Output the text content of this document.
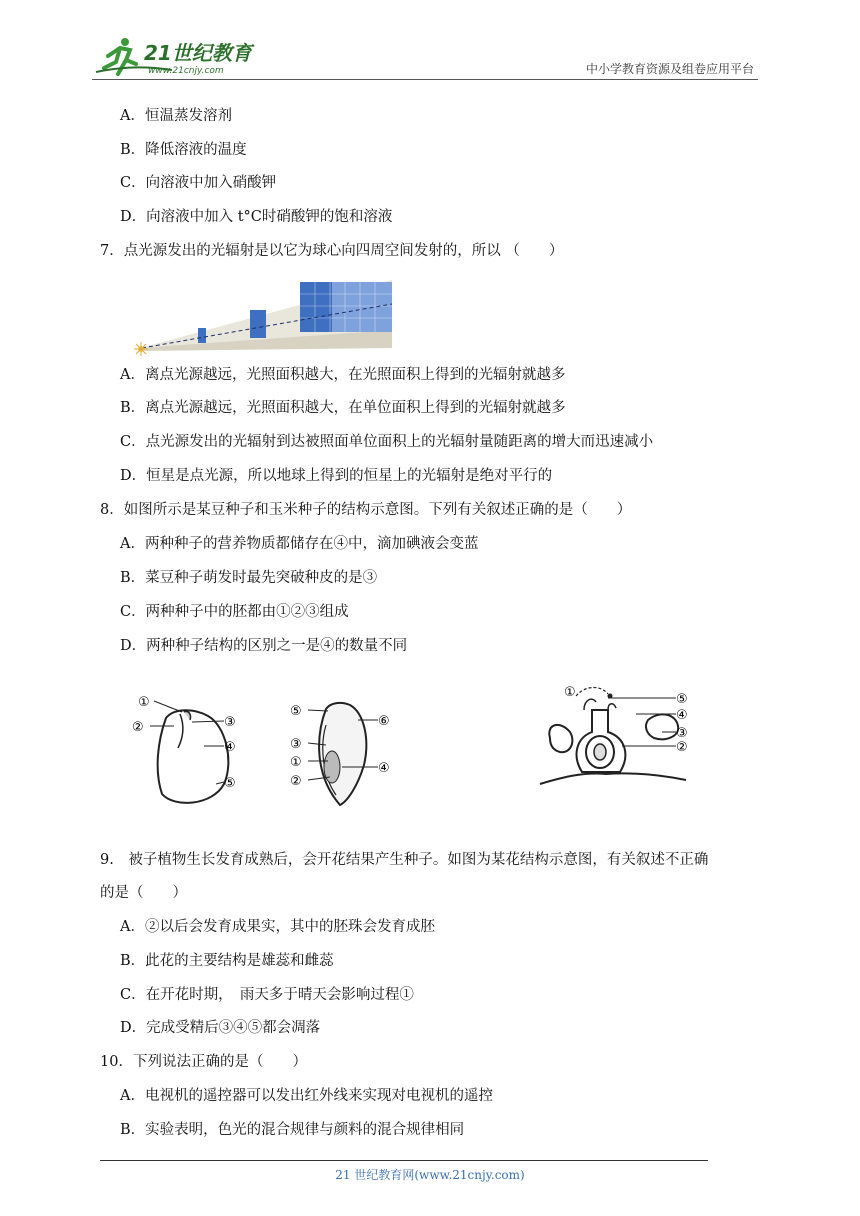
21世纪教育
www.21cnjy.com	中小学教育资源及组卷应用平台
A．恒温蒸发溶剂
B．降低溶液的温度
C．向溶液中加入硝酸钾
D．向溶液中加入 t°C时硝酸钾的饱和溶液
7．点光源发出的光辐射是以它为球心向四周空间发射的，所以 （　　）
A．离点光源越远，光照面积越大，在光照面积上得到的光辐射就越多
B．离点光源越远，光照面积越大，在单位面积上得到的光辐射就越多
C．点光源发出的光辐射到达被照面单位面积上的光辐射量随距离的增大而迅速减小
D．恒星是点光源，所以地球上得到的恒星上的光辐射是绝对平行的
8．如图所示是某豆种子和玉米种子的结构示意图。下列有关叙述正确的是（　　）
A．两种种子的营养物质都储存在④中，滴加碘液会变蓝
B．菜豆种子萌发时最先突破种皮的是③
C．两种种子中的胚都由①②③组成
D．两种种子结构的区别之一是④的数量不同
①
②	③
④
⑤
⑤
③
①
②
⑥
④
①	⑤
④
③
②
9.　被子植物生长发育成熟后，会开花结果产生种子。如图为某花结构示意图，有关叙述不正确
的是（　　）
A．②以后会发育成果实，其中的胚珠会发育成胚
B．此花的主要结构是雄蕊和雌蕊
C．在开花时期，　雨天多于晴天会影响过程①
D．完成受精后③④⑤都会凋落
10．下列说法正确的是（　　）
A．电视机的遥控器可以发出红外线来实现对电视机的遥控
B．实验表明，色光的混合规律与颜料的混合规律相同
21 世纪教育网(www.21cnjy.com)
